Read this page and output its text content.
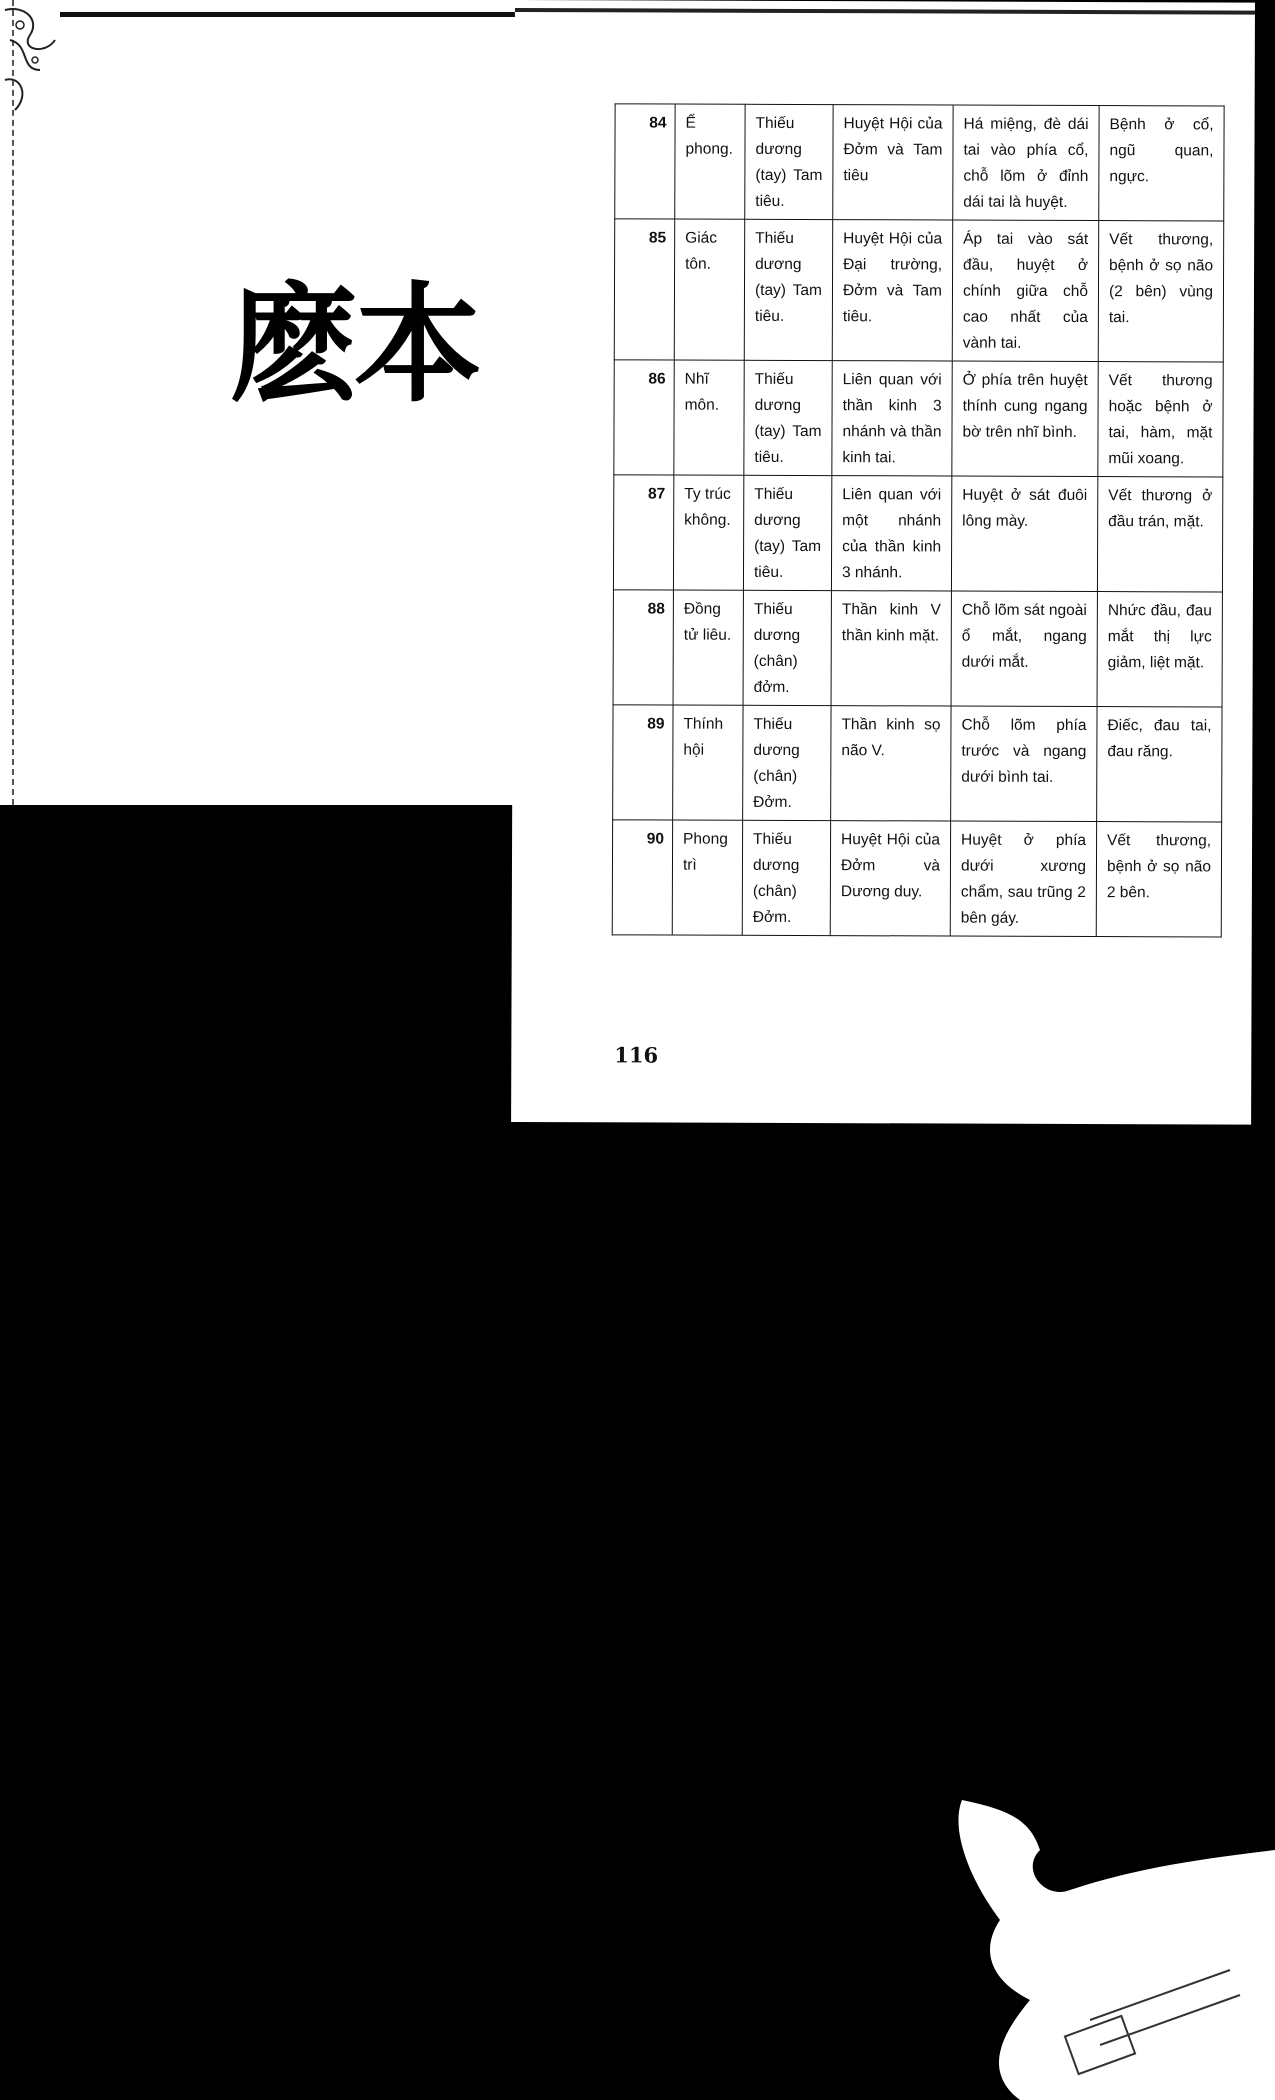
麽本
84	Ế phong.	Thiếu dương (tay) Tam tiêu.	Huyệt Hội của Đởm và Tam tiêu	Há miệng, đè dái tai vào phía cổ, chỗ lõm ở đỉnh dái tai là huyệt.	Bệnh ở cổ, ngũ quan, ngực.
85	Giác tôn.	Thiếu dương (tay) Tam tiêu.	Huyệt Hội của Đại trường, Đởm và Tam tiêu.	Áp tai vào sát đầu, huyệt ở chính giữa chỗ cao nhất của vành tai.	Vết thương, bệnh ở sọ não (2 bên) vùng tai.
86	Nhĩ môn.	Thiếu dương (tay) Tam tiêu.	Liên quan với thần kinh 3 nhánh và thần kinh tai.	Ở phía trên huyệt thính cung ngang bờ trên nhĩ bình.	Vết thương hoặc bệnh ở tai, hàm, mặt mũi xoang.
87	Ty trúc không.	Thiếu dương (tay) Tam tiêu.	Liên quan với một nhánh của thần kinh 3 nhánh.	Huyệt ở sát đuôi lông mày.	Vết thương ở đầu trán, mặt.
88	Đồng tử liêu.	Thiếu dương (chân) đởm.	Thần kinh V thần kinh mặt.	Chỗ lõm sát ngoài ổ mắt, ngang dưới mắt.	Nhức đầu, đau mắt thị lực giảm, liệt mặt.
89	Thính hội	Thiếu dương (chân) Đởm.	Thần kinh sọ não V.	Chỗ lõm phía trước và ngang dưới bình tai.	Điếc, đau tai, đau răng.
90	Phong trì	Thiếu dương (chân) Đởm.	Huyệt Hội của Đởm và Dương duy.	Huyệt ở phía dưới xương chẩm, sau trũng 2 bên gáy.	Vết thương, bệnh ở sọ não 2 bên.
116
